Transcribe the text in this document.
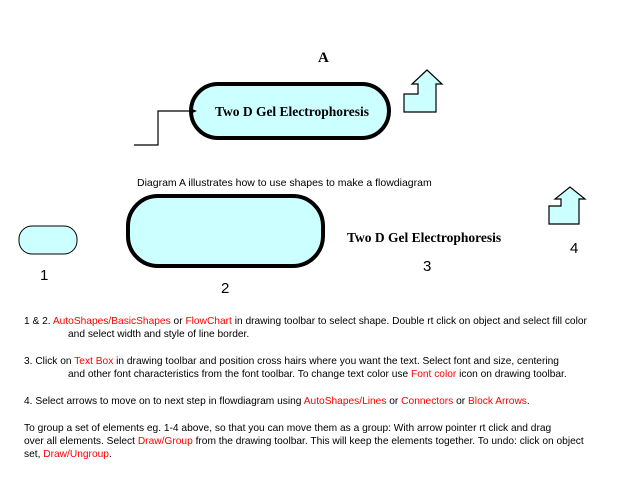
A
Two D Gel Electrophoresis
Diagram A illustrates how to use shapes to make a flowdiagram
Two D Gel Electrophoresis
1
2
3
4

1 & 2. AutoShapes/BasicShapes or FlowChart in drawing toolbar to select shape. Double rt click on object and select fill color
and select width and style of line border.

3. Click on Text Box in drawing toolbar and position cross hairs where you want the text. Select font and size, centering
and other font characteristics from the font toolbar. To change text color use Font color icon on drawing toolbar.

4. Select arrows to move on to next step in flowdiagram using AutoShapes/Lines or Connectors or Block Arrows.

To group a set of elements eg. 1-4 above, so that you can move them as a group: With arrow pointer rt click and drag
over all elements. Select Draw/Group from the drawing toolbar. This will keep the elements together. To undo: click on object
set, Draw/Ungroup.
